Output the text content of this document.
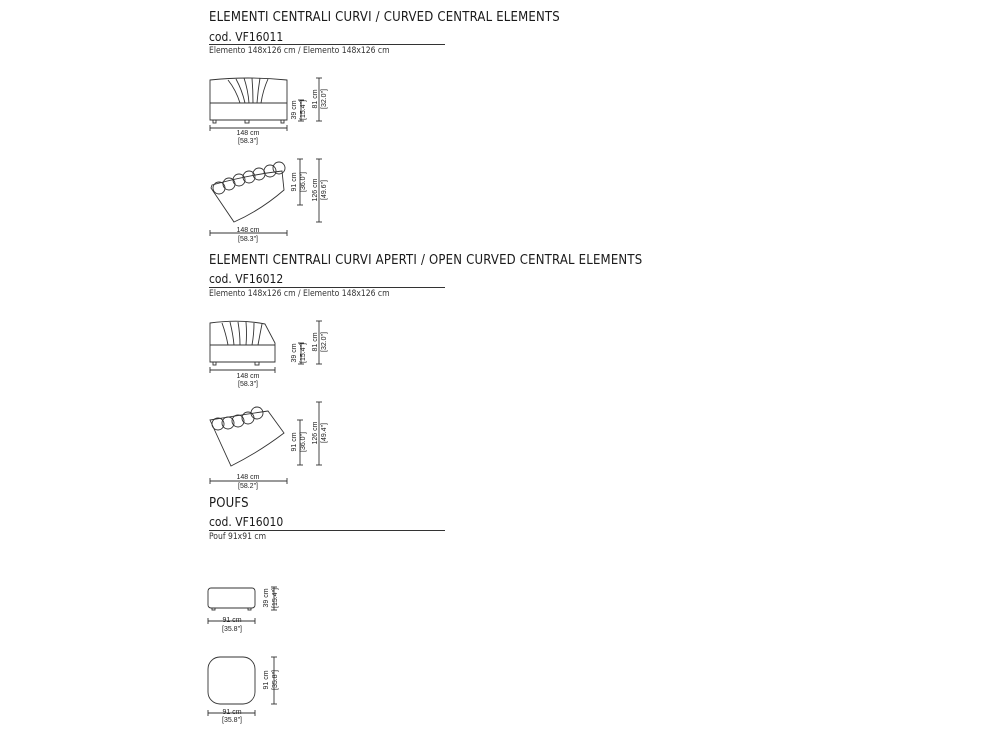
ELEMENTI CENTRALI CURVI / CURVED CENTRAL ELEMENTS
cod. VF16011
Elemento 148x126 cm / Elemento 148x126 cm
ELEMENTI CENTRALI CURVI APERTI / OPEN CURVED CENTRAL ELEMENTS
cod. VF16012
Elemento 148x126 cm / Elemento 148x126 cm
POUFS
cod. VF16010
Pouf 91x91 cm
148 cm
[58.3"]
39 cm [15.4"]
81 cm [32.0"]
148 cm
[58.3"]
91 cm [36.0"] 126 cm [49.6"]
148 cm
[58.3"]
39 cm [15.4"]
81 cm [32.0"]
148 cm
[58.2"]
91 cm [36.0"] 126 cm [49.4"]
91 cm
[35.8"]
39 cm [15.4"]
91 cm
[35.8"]
91 cm [35.8"]
